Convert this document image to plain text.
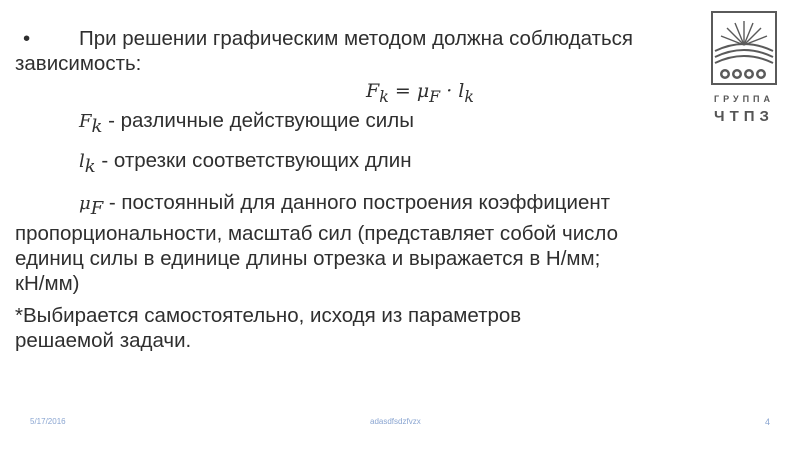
• При решении графическим методом должна соблюдаться
зависимость:
$F_k = \mu_F \cdot l_k$
$F_k$ - различные действующие силы
$l_k$ - отрезки соответствующих длин
$\mu_F$ - постоянный для данного построения коэффициент
пропорциональности, масштаб сил (представляет собой число
единиц силы в единице длины отрезка и выражается в Н/мм;
кН/мм)
*Выбирается самостоятельно, исходя из параметров
решаемой задачи.
ГРУППА
ЧТПЗ
5/17/2016	adasdfsdzfvzx	4
